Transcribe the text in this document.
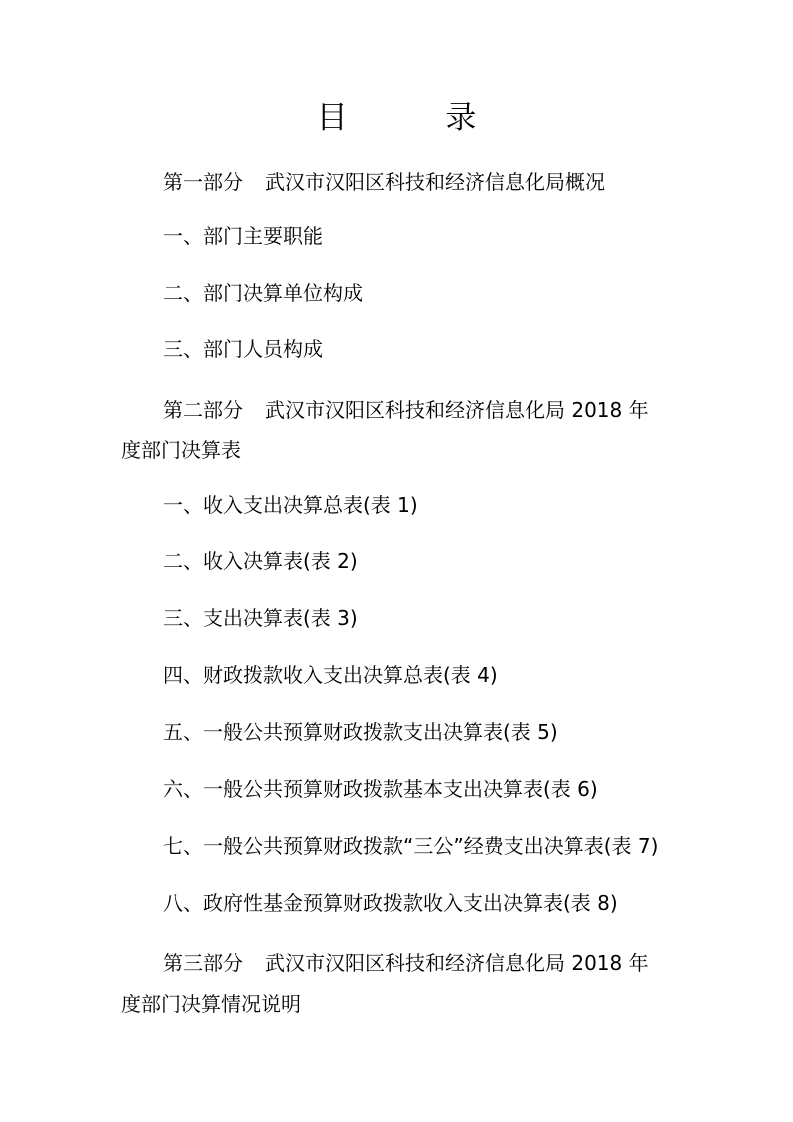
目 录
第一部分 武汉市汉阳区科技和经济信息化局概况
一、部门主要职能
二、部门决算单位构成
三、部门人员构成
第二部分 武汉市汉阳区科技和经济信息化局 2018 年
度部门决算表
一、收入支出决算总表(表 1)
二、收入决算表(表 2)
三、支出决算表(表 3)
四、财政拨款收入支出决算总表(表 4)
五、一般公共预算财政拨款支出决算表(表 5)
六、一般公共预算财政拨款基本支出决算表(表 6)
七、一般公共预算财政拨款“三公”经费支出决算表(表 7)
八、政府性基金预算财政拨款收入支出决算表(表 8)
第三部分 武汉市汉阳区科技和经济信息化局 2018 年
度部门决算情况说明
